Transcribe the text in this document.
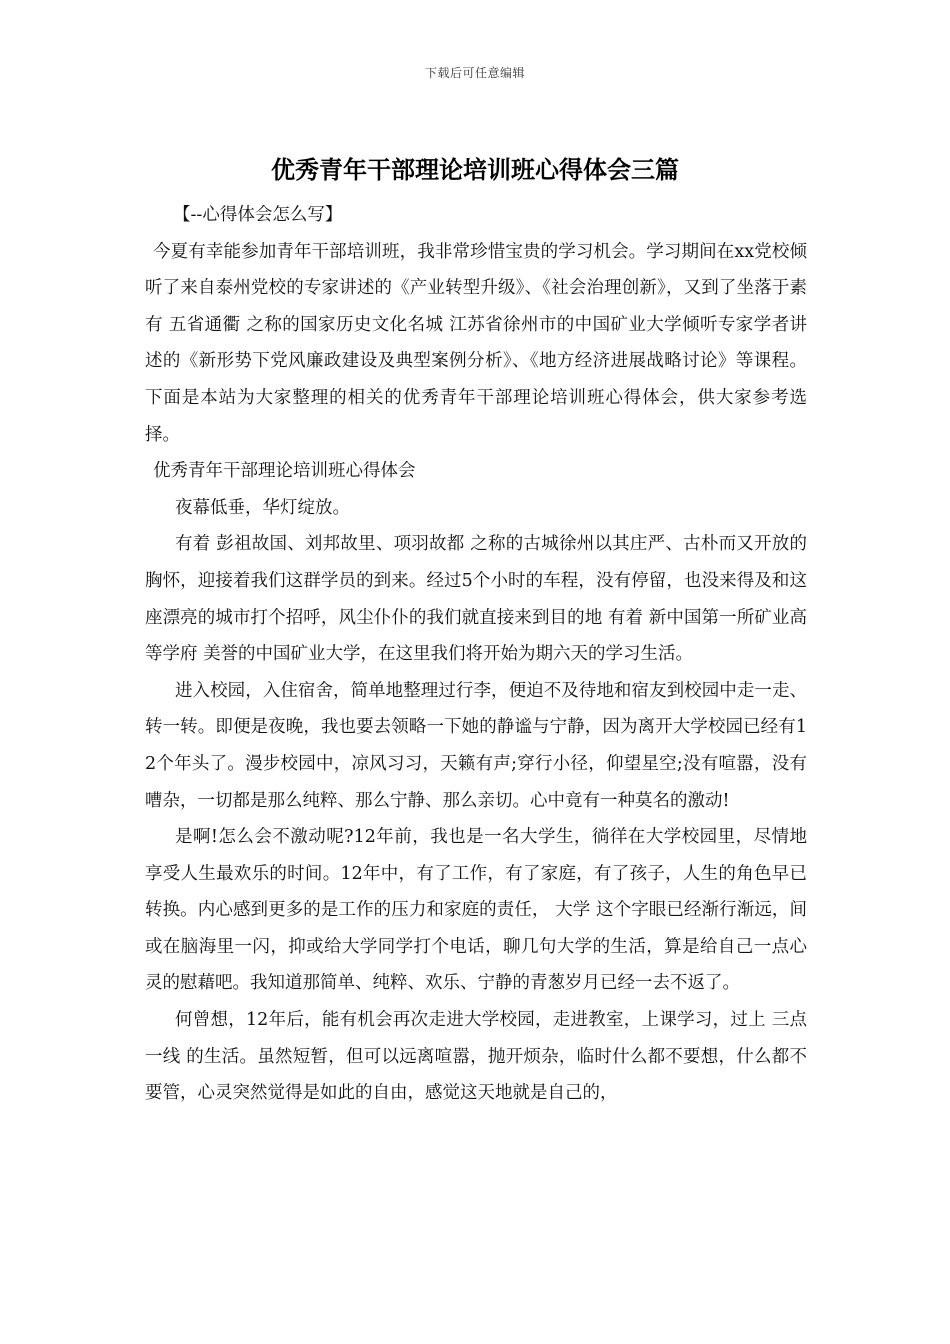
下载后可任意编辑
优秀青年干部理论培训班心得体会三篇

【--心得体会怎么写】

今夏有幸能参加青年干部培训班，我非常珍惜宝贵的学习机会。学习期间在xx党校倾听了来自泰州党校的专家讲述的《产业转型升级》、《社会治理创新》，又到了坐落于素有 五省通衢 之称的国家历史文化名城 江苏省徐州市的中国矿业大学倾听专家学者讲述的《新形势下党风廉政建设及典型案例分析》、《地方经济进展战略讨论》等课程。下面是本站为大家整理的相关的优秀青年干部理论培训班心得体会，供大家参考选择。

优秀青年干部理论培训班心得体会

夜幕低垂，华灯绽放。

有着 彭祖故国、刘邦故里、项羽故都 之称的古城徐州以其庄严、古朴而又开放的胸怀，迎接着我们这群学员的到来。经过5个小时的车程，没有停留，也没来得及和这座漂亮的城市打个招呼，风尘仆仆的我们就直接来到目的地 有着 新中国第一所矿业高等学府 美誉的中国矿业大学，在这里我们将开始为期六天的学习生活。

进入校园，入住宿舍，简单地整理过行李，便迫不及待地和宿友到校园中走一走、转一转。即便是夜晚，我也要去领略一下她的静谧与宁静，因为离开大学校园已经有12个年头了。漫步校园中，凉风习习，天籁有声;穿行小径，仰望星空;没有喧嚣，没有嘈杂，一切都是那么纯粹、那么宁静、那么亲切。心中竟有一种莫名的激动!

是啊!怎么会不激动呢?12年前，我也是一名大学生，徜徉在大学校园里，尽情地享受人生最欢乐的时间。12年中，有了工作，有了家庭，有了孩子，人生的角色早已转换。内心感到更多的是工作的压力和家庭的责任， 大学 这个字眼已经渐行渐远，间或在脑海里一闪，抑或给大学同学打个电话，聊几句大学的生活，算是给自己一点心灵的慰藉吧。我知道那简单、纯粹、欢乐、宁静的青葱岁月已经一去不返了。

何曾想，12年后，能有机会再次走进大学校园，走进教室，上课学习，过上 三点一线 的生活。虽然短暂，但可以远离喧嚣，抛开烦杂，临时什么都不要想，什么都不要管，心灵突然觉得是如此的自由，感觉这天地就是自己的，
